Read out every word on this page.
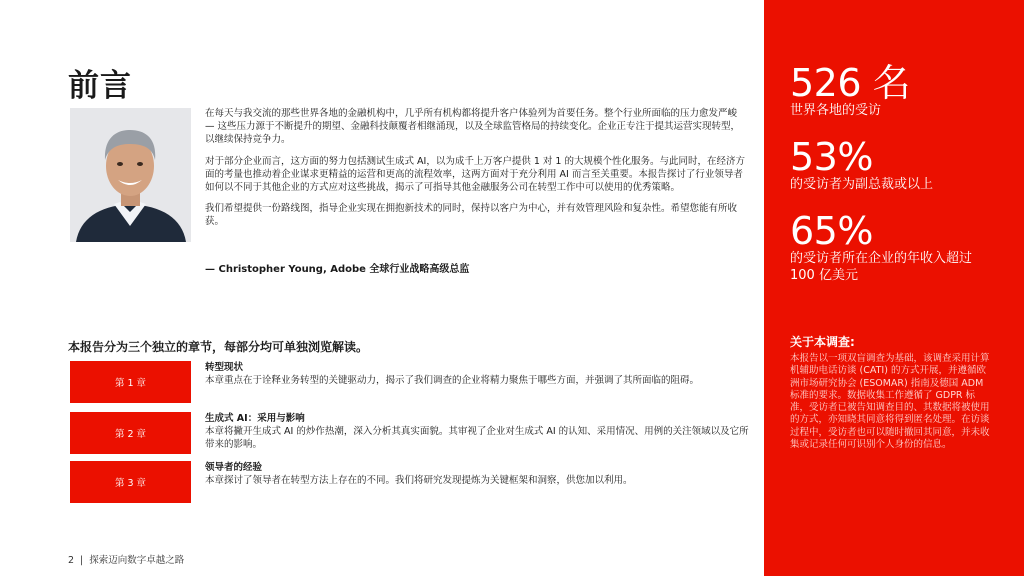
前言

在每天与我交流的那些世界各地的金融机构中，几乎所有机构都将提升客户体验列为首要任务。整个行业所面临的压力愈发严峻 — 这些压力源于不断提升的期望、金融科技颠覆者相继涌现，以及全球监管格局的持续变化。企业正专注于提其运营实现转型，以继续保持竞争力。

对于部分企业而言，这方面的努力包括测试生成式 AI，以为成千上万客户提供 1 对 1 的大规模个性化服务。与此同时，在经济方面的考量也推动着企业谋求更精益的运营和更高的流程效率，这两方面对于充分利用 AI 而言至关重要。本报告探讨了行业领导者如何以不同于其他企业的方式应对这些挑战，揭示了可指导其他金融服务公司在转型工作中可以使用的优秀策略。

我们希望提供一份路线图，指导企业实现在拥抱新技术的同时，保持以客户为中心，并有效管理风险和复杂性。希望您能有所收获。

— Christopher Young, Adobe 全球行业战略高级总监
本报告分为三个独立的章节，每部分均可单独浏览解读。
第 1 章
转型现状
本章重点在于诠释业务转型的关键驱动力，揭示了我们调查的企业将精力聚焦于哪些方面，并强调了其所面临的阻碍。
第 2 章
生成式 AI：采用与影响
本章将撇开生成式 AI 的炒作热潮，深入分析其真实面貌。其审视了企业对生成式 AI 的认知、采用情况、用例的关注领域以及它所带来的影响。
第 3 章
领导者的经验
本章探讨了领导者在转型方法上存在的不同。我们将研究发现提炼为关键框架和洞察，供您加以利用。
2 | 探索迈向数字卓越之路
526 名
世界各地的受访
53%
的受访者为副总裁或以上
65%
的受访者所在企业的年收入超过 100 亿美元
关于本调查:
本报告以一项双盲调查为基础，该调查采用计算机辅助电话访谈 (CATI) 的方式开展，并遵循欧洲市场研究协会 (ESOMAR) 指南及德国 ADM 标准的要求。数据收集工作遵循了 GDPR 标准，受访者已被告知调查目的、其数据将被使用的方式，亦知晓其同意将得到匿名处理。在访谈过程中，受访者也可以随时撤回其同意，并未收集或记录任何可识别个人身份的信息。
